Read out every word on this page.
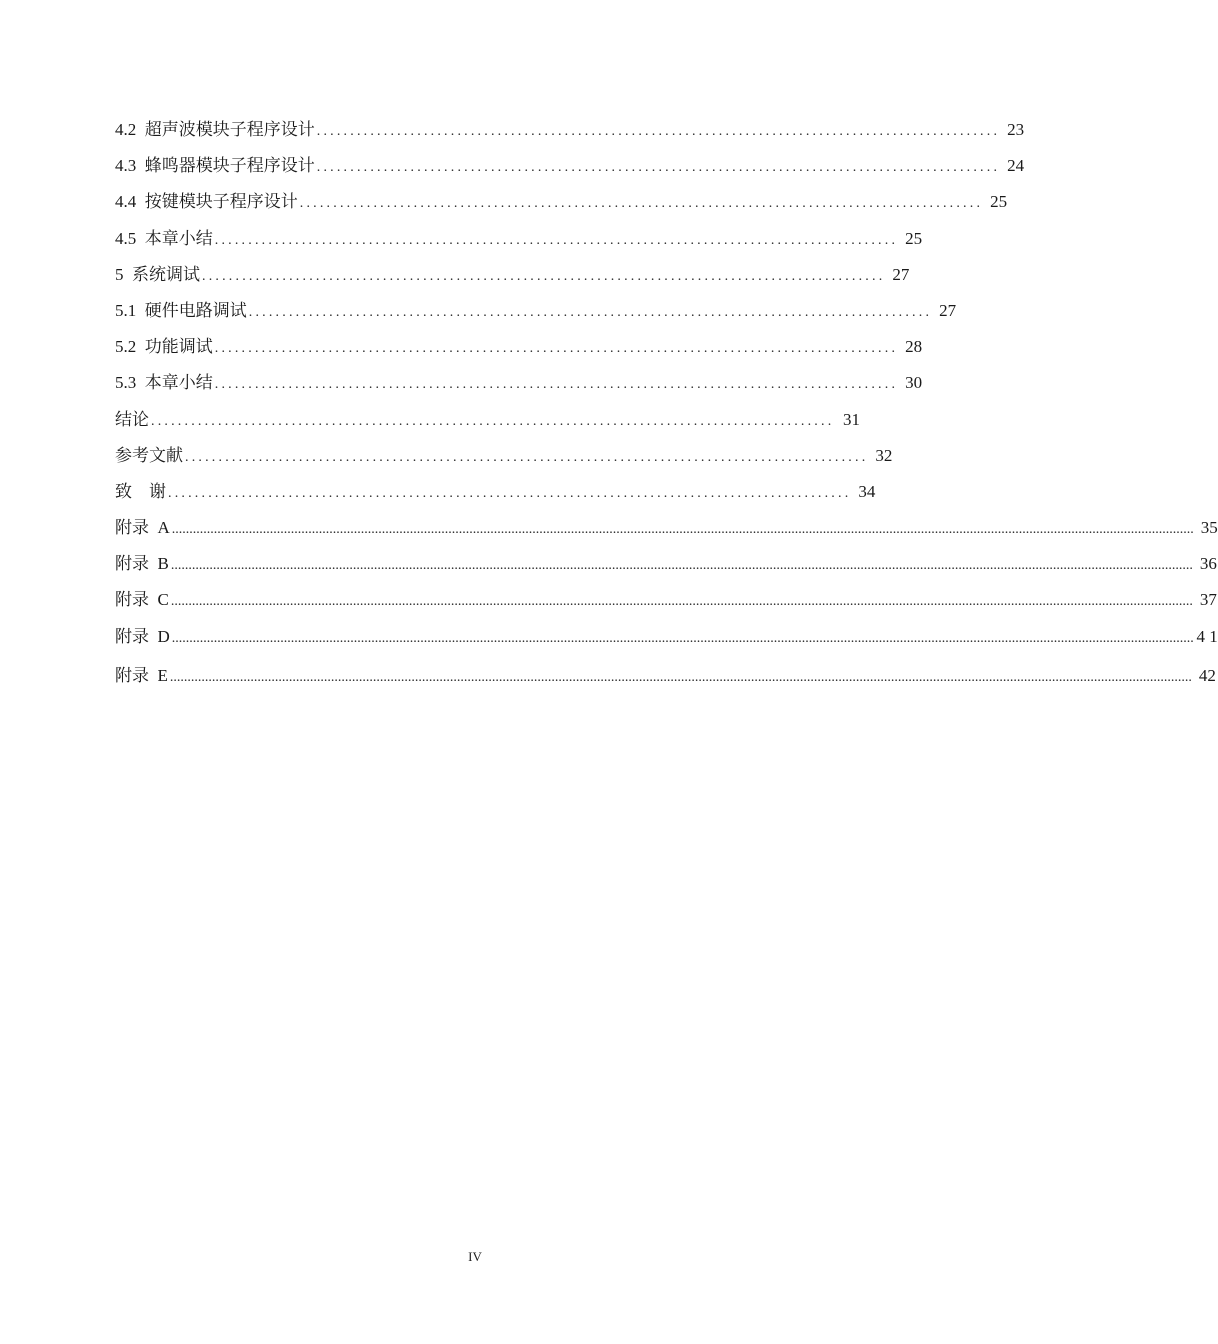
4.2  超声波模块子程序设计 ...................................................................................................... 23
4.3  蜂鸣器模块子程序设计 ...................................................................................................... 24
4.4  按键模块子程序设计 ...................................................................................................... 25
4.5  本章小结 ...................................................................................................... 25
5  系统调试 ...................................................................................................... 27
5.1  硬件电路调试 ...................................................................................................... 27
5.2  功能调试 ...................................................................................................... 28
5.3  本章小结 ...................................................................................................... 30
结论 ...................................................................................................... 31
参考文献 ...................................................................................................... 32
致    谢 ...................................................................................................... 34
附录  A .................................................................................................................................................................................................................................................................................................... 35
附录  B .................................................................................................................................................................................................................................................................................................... 36
附录  C .................................................................................................................................................................................................................................................................................................... 37
附录  D .................................................................................................................................................................................................................................................................................................... 4 1
附录  E .................................................................................................................................................................................................................................................................................................... 42
IV
